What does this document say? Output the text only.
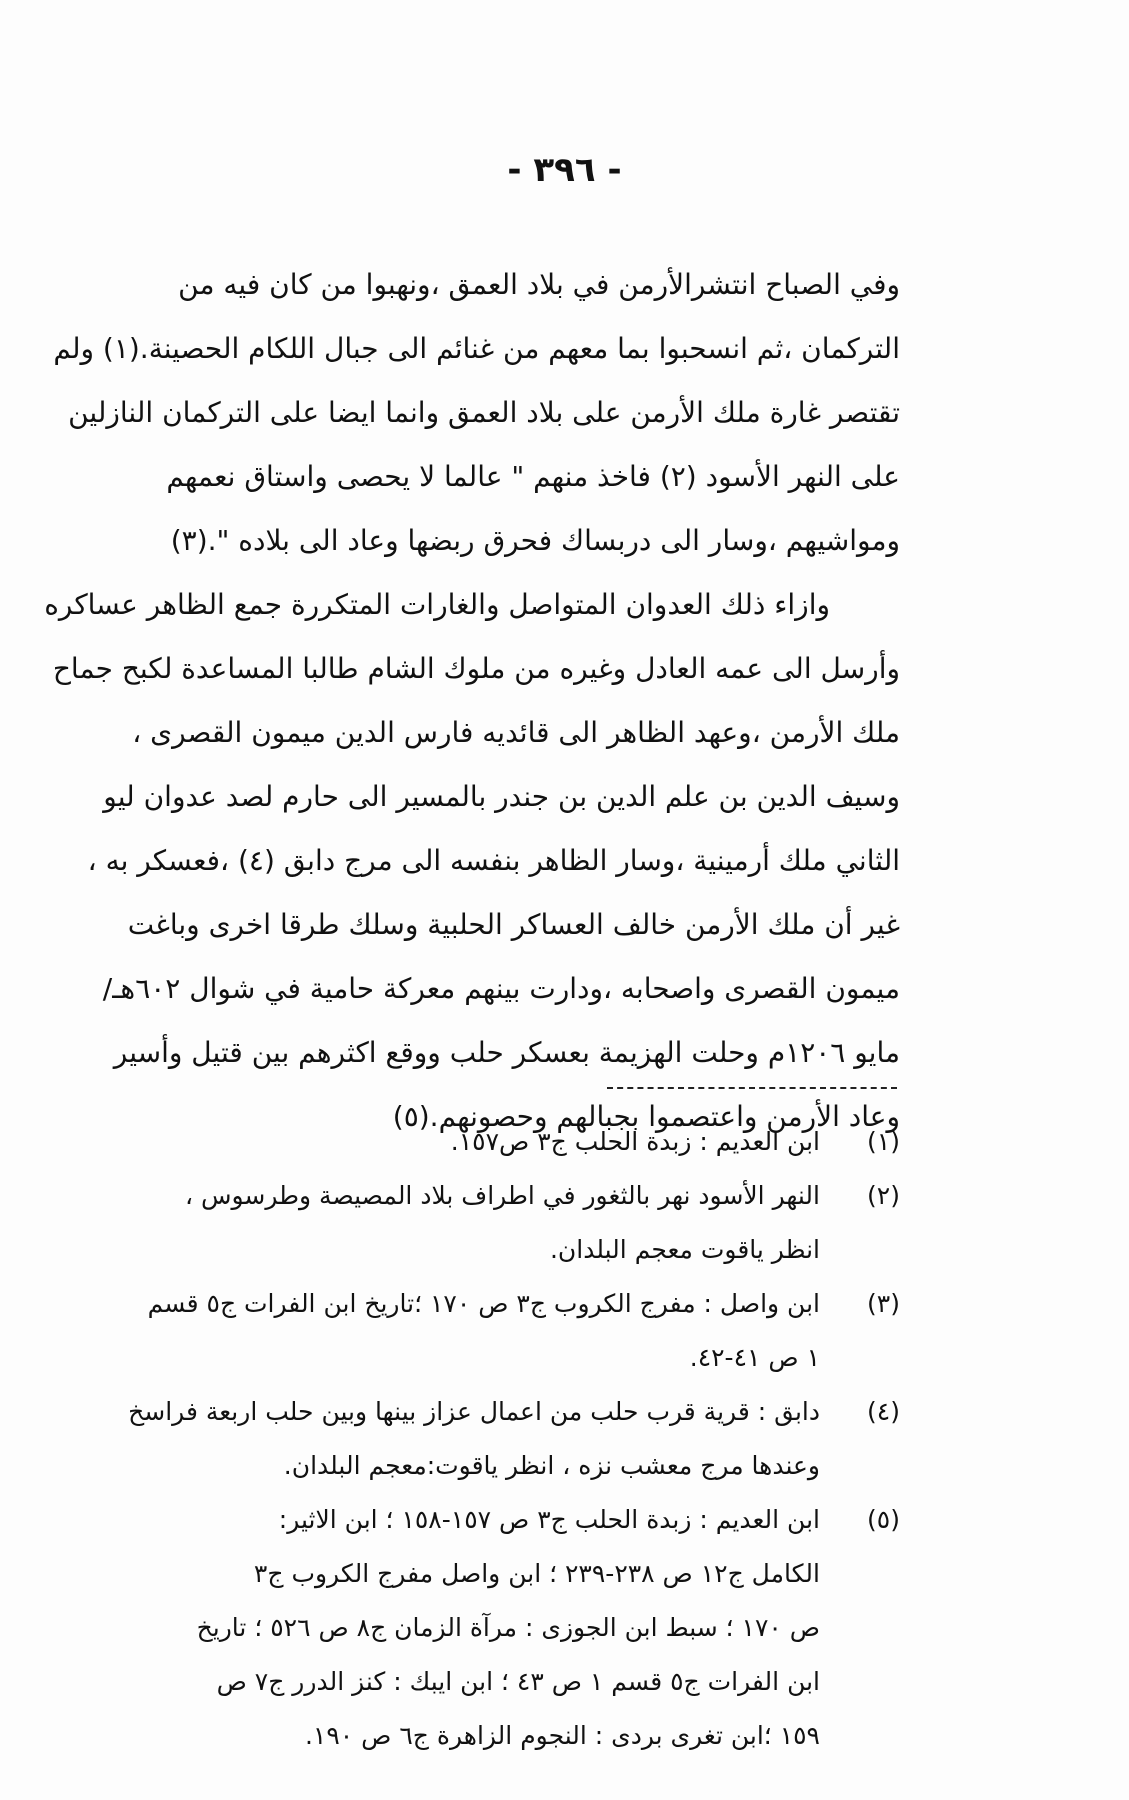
- ٣٩٦ -
وفي الصباح انتشرالأرمن في بلاد العمق ،ونهبوا من كان فيه من
التركمان ،ثم انسحبوا بما معهم من غنائم الى جبال اللكام الحصينة.(١) ولم
تقتصر غارة ملك الأرمن على بلاد العمق وانما ايضا على التركمان النازلين
على النهر الأسود (٢) فاخذ منهم " عالما لا يحصى واستاق نعمهم
ومواشيهم ،وسار الى دربساك فحرق ربضها وعاد الى بلاده ".(٣)
وازاء ذلك العدوان المتواصل والغارات المتكررة جمع الظاهر عساكره
وأرسل الى عمه العادل وغيره من ملوك الشام طالبا المساعدة لكبح جماح
ملك الأرمن ،وعهد الظاهر الى قائديه فارس الدين ميمون القصرى ،
وسيف الدين بن علم الدين بن جندر بالمسير الى حارم لصد عدوان ليو
الثاني ملك أرمينية ،وسار الظاهر بنفسه الى مرج دابق (٤) ،فعسكر به ،
غير أن ملك الأرمن خالف العساكر الحلبية وسلك طرقا اخرى وباغت
ميمون القصرى واصحابه ،ودارت بينهم معركة حامية في شوال ٦٠٢هـ/
مايو ١٢٠٦م وحلت الهزيمة بعسكر حلب ووقع اكثرهم بين قتيل وأسير
وعاد الأرمن واعتصموا بجبالهم وحصونهم.(٥)
(١)
ابن العديم : زبدة الحلب ج٣ ص١٥٧.
(٢)
النهر الأسود نهر بالثغور في اطراف بلاد المصيصة وطرسوس ،
انظر ياقوت معجم البلدان.
(٣)
ابن واصل : مفرج الكروب ج٣ ص ١٧٠ ؛تاريخ ابن الفرات ج٥ قسم
١ ص ٤١-٤٢.
(٤)
دابق : قرية قرب حلب من اعمال عزاز بينها وبين حلب اربعة فراسخ
وعندها مرج معشب نزه ، انظر ياقوت:معجم البلدان.
(٥)
ابن العديم : زبدة الحلب ج٣ ص ١٥٧-١٥٨ ؛ ابن الاثير:
الكامل ج١٢ ص ٢٣٨-٢٣٩ ؛ ابن واصل مفرج الكروب ج٣
ص ١٧٠ ؛ سبط ابن الجوزى : مرآة الزمان ج٨ ص ٥٢٦ ؛ تاريخ
ابن الفرات ج٥ قسم ١ ص ٤٣ ؛ ابن ايبك : كنز الدرر ج٧ ص
١٥٩ ؛ابن تغرى بردى : النجوم الزاهرة ج٦ ص ١٩٠.
